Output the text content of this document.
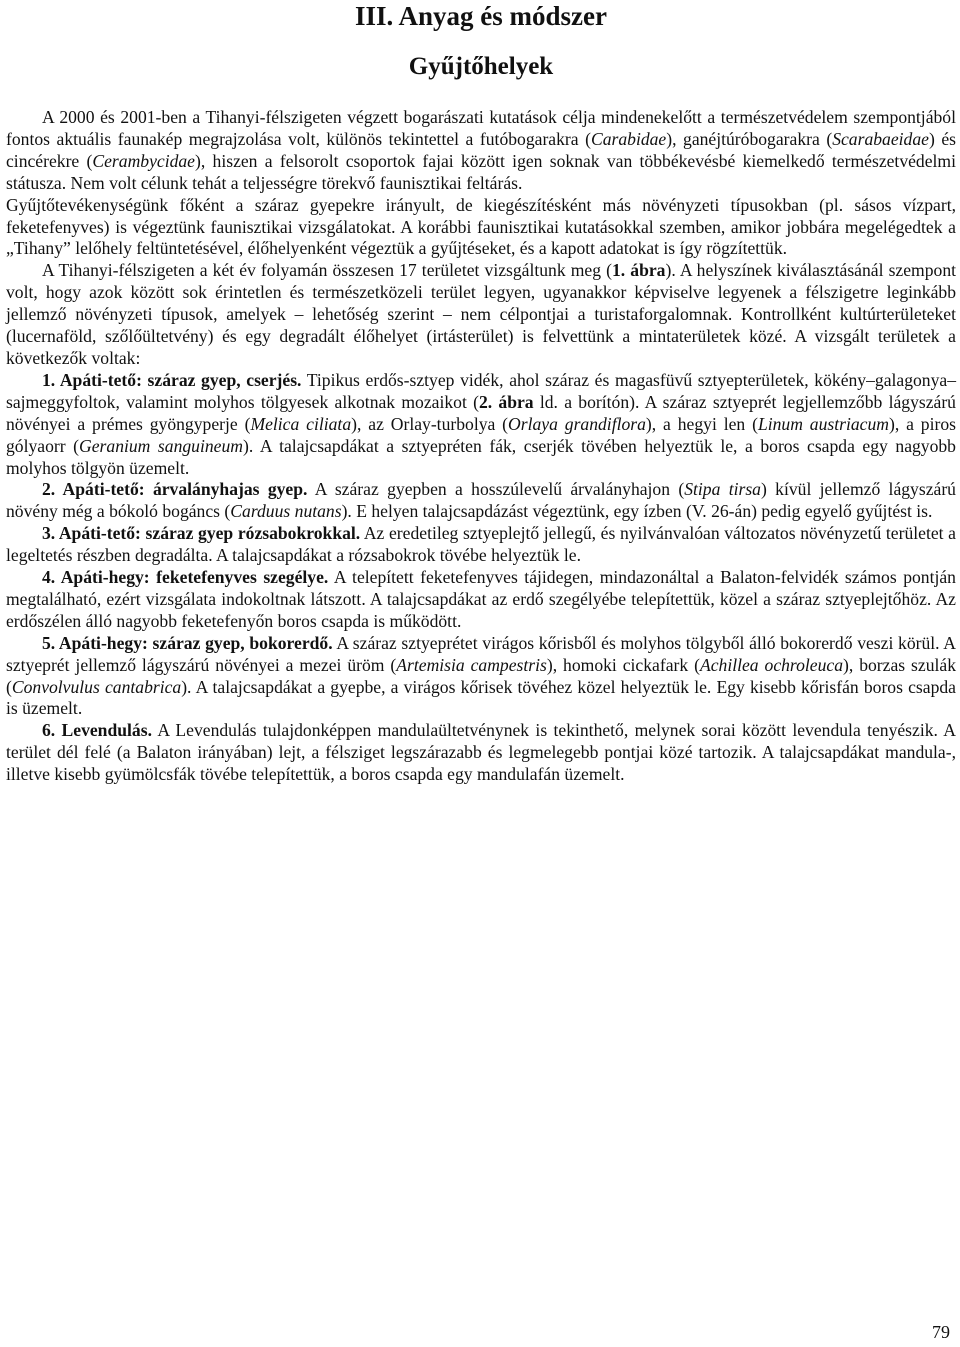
III. Anyag és módszer
Gyűjtőhelyek

A 2000 és 2001-ben a Tihanyi-félszigeten végzett bogarászati kutatások célja mindenekelőtt a természetvédelem szempontjából fontos aktuális faunakép megrajzolása volt, különös tekintettel a futóbogarakra (Carabidae), ganéjtúróbogarakra (Scarabaeidae) és cincérekre (Cerambycidae), hiszen a felsorolt csoportok fajai között igen soknak van többékevésbé kiemelkedő természetvédelmi státusza. Nem volt célunk tehát a teljességre törekvő faunisztikai feltárás.

Gyűjtőtevékenységünk főként a száraz gyepekre irányult, de kiegészítésként más növényzeti típusokban (pl. sásos vízpart, feketefenyves) is végeztünk faunisztikai vizsgálatokat. A korábbi faunisztikai kutatásokkal szemben, amikor jobbára megelégedtek a „Tihany” lelőhely feltüntetésével, élőhelyenként végeztük a gyűjtéseket, és a kapott adatokat is így rögzítettük.

A Tihanyi-félszigeten a két év folyamán összesen 17 területet vizsgáltunk meg (1. ábra). A helyszínek kiválasztásánál szempont volt, hogy azok között sok érintetlen és természetközeli terület legyen, ugyanakkor képviselve legyenek a félszigetre leginkább jellemző növényzeti típusok, amelyek – lehetőség szerint – nem célpontjai a turistaforgalomnak. Kontrollként kultúrterületeket (lucernaföld, szőlőültetvény) és egy degradált élőhelyet (irtásterület) is felvettünk a mintaterületek közé. A vizsgált területek a következők voltak:

1. Apáti-tető: száraz gyep, cserjés. Tipikus erdős-sztyep vidék, ahol száraz és magasfüvű sztyepterületek, kökény–galagonya–sajmeggyfoltok, valamint molyhos tölgyesek alkotnak mozaikot (2. ábra ld. a borítón). A száraz sztyeprét legjellemzőbb lágyszárú növényei a prémes gyöngyperje (Melica ciliata), az Orlay-turbolya (Orlaya grandiflora), a hegyi len (Linum austriacum), a piros gólyaorr (Geranium sanguineum). A talajcsapdákat a sztyepréten fák, cserjék tövében helyeztük le, a boros csapda egy nagyobb molyhos tölgyön üzemelt.

2. Apáti-tető: árvalányhajas gyep. A száraz gyepben a hosszúlevelű árvalányhajon (Stipa tirsa) kívül jellemző lágyszárú növény még a bókoló bogáncs (Carduus nutans). E helyen talajcsapdázást végeztünk, egy ízben (V. 26-án) pedig egyelő gyűjtést is.

3. Apáti-tető: száraz gyep rózsabokrokkal. Az eredetileg sztyeplejtő jellegű, és nyilvánvalóan változatos növényzetű területet a legeltetés részben degradálta. A talajcsapdákat a rózsabokrok tövébe helyeztük le.

4. Apáti-hegy: feketefenyves szegélye. A telepített feketefenyves tájidegen, mindazonáltal a Balaton-felvidék számos pontján megtalálható, ezért vizsgálata indokoltnak látszott. A talajcsapdákat az erdő szegélyébe telepítettük, közel a száraz sztyeplejtőhöz. Az erdőszélen álló nagyobb feketefenyőn boros csapda is működött.

5. Apáti-hegy: száraz gyep, bokorerdő. A száraz sztyeprétet virágos kőrisből és molyhos tölgyből álló bokorerdő veszi körül. A sztyeprét jellemző lágyszárú növényei a mezei üröm (Artemisia campestris), homoki cickafark (Achillea ochroleuca), borzas szulák (Convolvulus cantabrica). A talajcsapdákat a gyepbe, a virágos kőrisek tövéhez közel helyeztük le. Egy kisebb kőrisfán boros csapda is üzemelt.

6. Levendulás. A Levendulás tulajdonképpen mandulaültetvénynek is tekinthető, melynek sorai között levendula tenyészik. A terület dél felé (a Balaton irányában) lejt, a félsziget legszárazabb és legmelegebb pontjai közé tartozik. A talajcsapdákat mandula-, illetve kisebb gyümölcsfák tövébe telepítettük, a boros csapda egy mandulafán üzemelt.

79
